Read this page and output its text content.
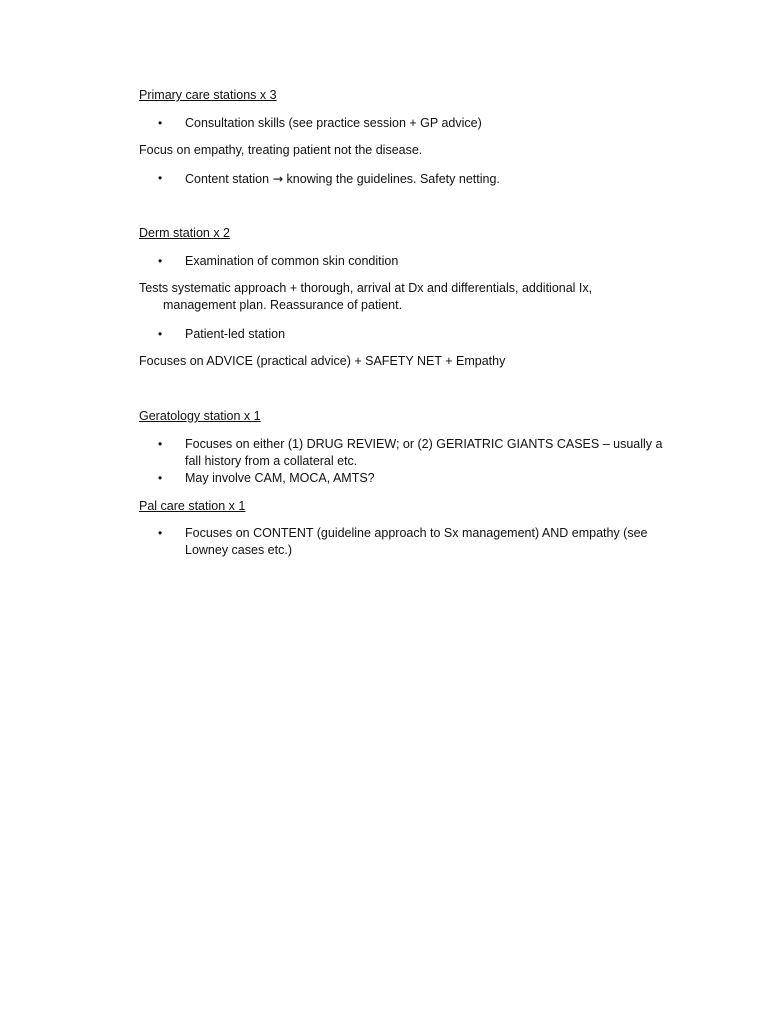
Primary care stations x 3
•	Consultation skills (see practice session + GP advice)
Focus on empathy, treating patient not the disease.
•	Content station → knowing the guidelines. Safety netting.
Derm station x 2
•	Examination of common skin condition
Tests systematic approach + thorough, arrival at Dx and differentials, additional Ix, management plan. Reassurance of patient.
•	Patient-led station
Focuses on ADVICE (practical advice) + SAFETY NET + Empathy
Geratology station x 1
•	Focuses on either (1) DRUG REVIEW; or (2) GERIATRIC GIANTS CASES – usually a fall history from a collateral etc.
•	May involve CAM, MOCA, AMTS?
Pal care station x 1
•	Focuses on CONTENT (guideline approach to Sx management) AND empathy (see Lowney cases etc.)
